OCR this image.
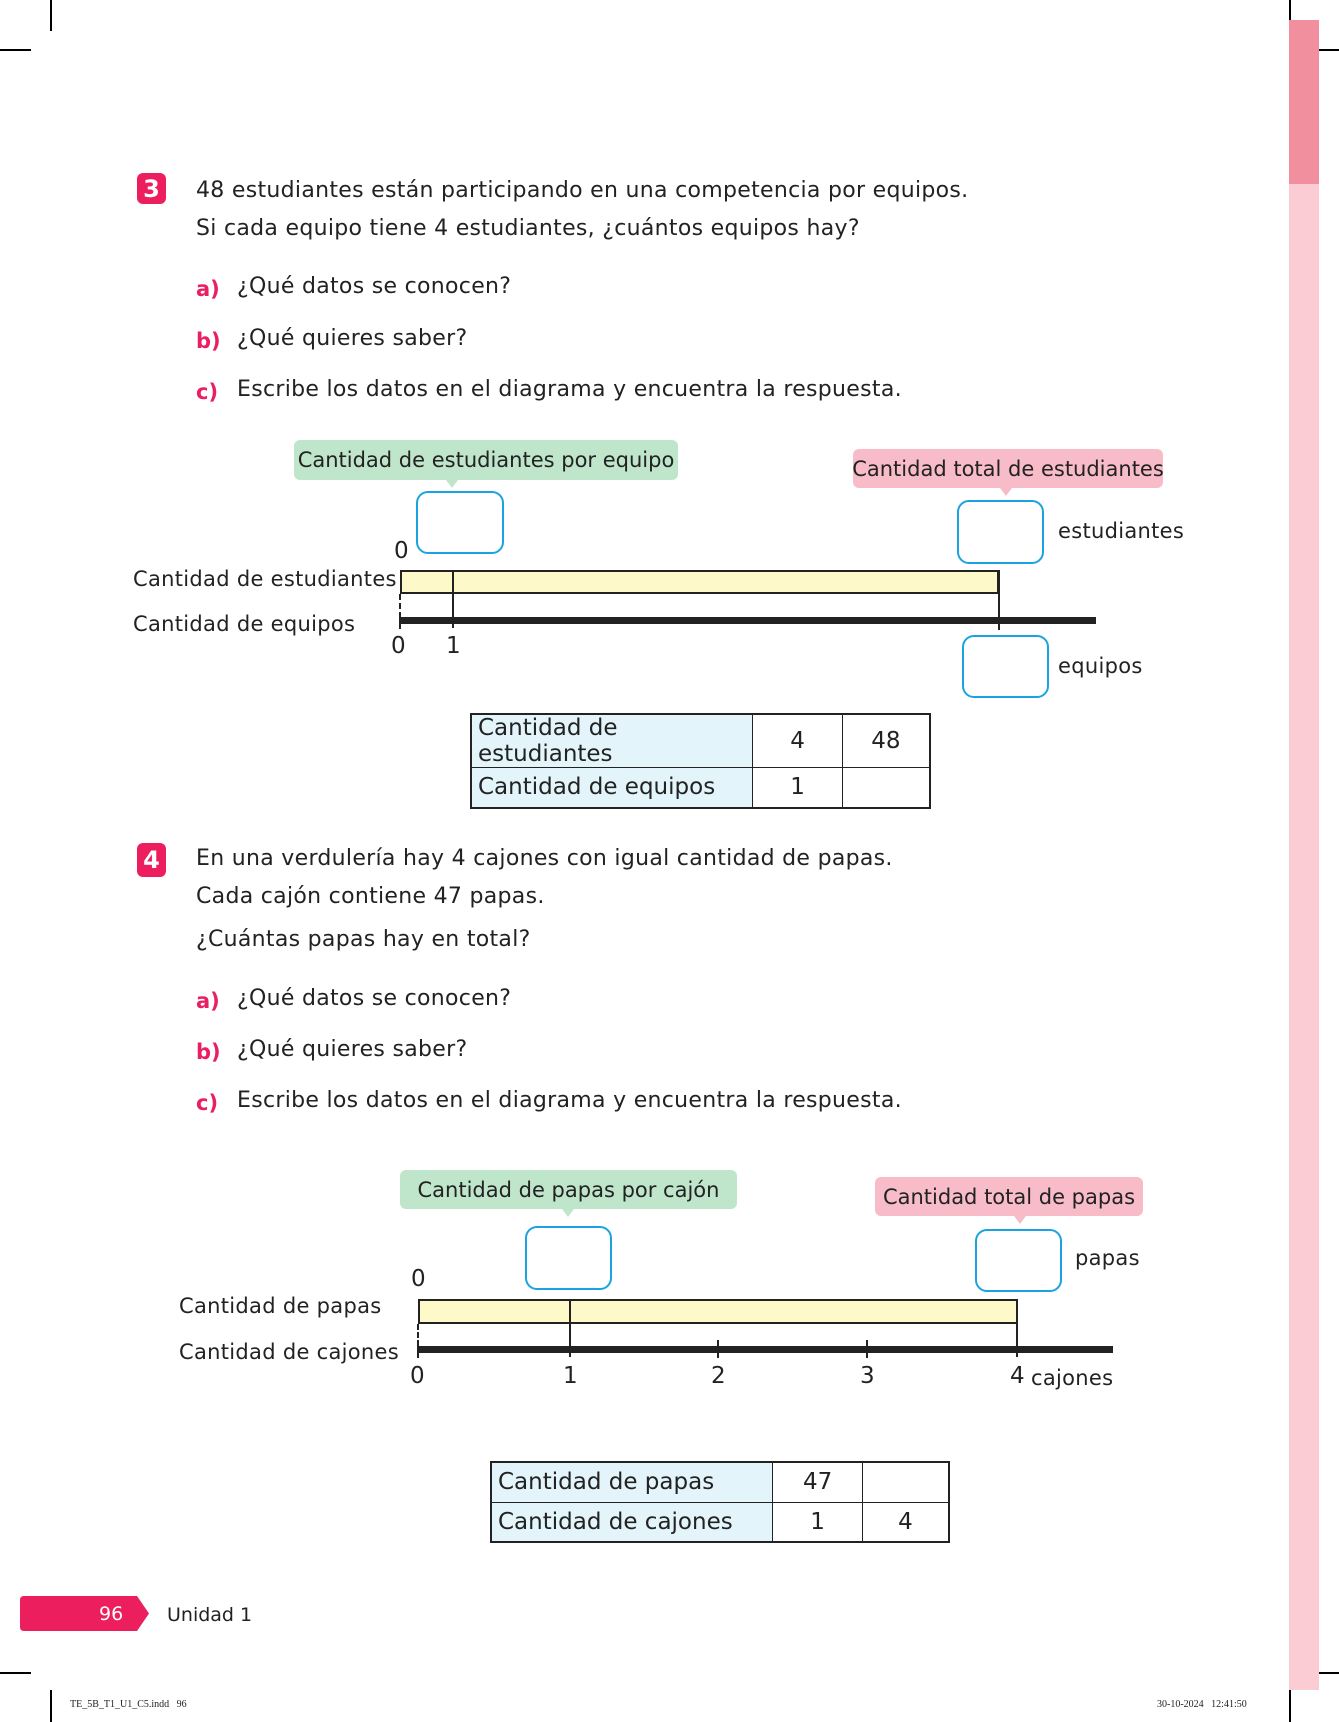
3 48 estudiantes están participando en una competencia por equipos.
Si cada equipo tiene 4 estudiantes, ¿cuántos equipos hay?
a) ¿Qué datos se conocen?
b) ¿Qué quieres saber?
c) Escribe los datos en el diagrama y encuentra la respuesta.
Cantidad de estudiantes por equipo	Cantidad total de estudiantes
estudiantes
equipos
0
Cantidad de estudiantes
Cantidad de equipos
0 1
Cantidad de estudiantes	4	48
Cantidad de equipos	1	
4 En una verdulería hay 4 cajones con igual cantidad de papas.
Cada cajón contiene 47 papas.
¿Cuántas papas hay en total?
a) ¿Qué datos se conocen?
b) ¿Qué quieres saber?
c) Escribe los datos en el diagrama y encuentra la respuesta.
Cantidad de papas por cajón	Cantidad total de papas
papas
0
Cantidad de papas
Cantidad de cajones
0	1	2	3	4 cajones
Cantidad de papas	47	
Cantidad de cajones	1	4
96 Unidad 1
TE_5B_T1_U1_C5.indd   96	30-10-2024   12:41:50
